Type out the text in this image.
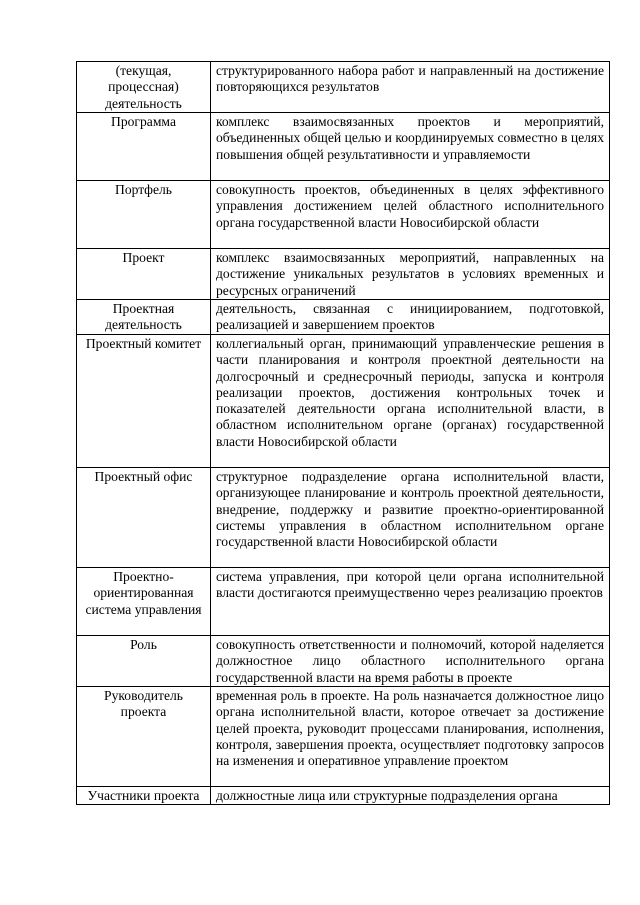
(текущая, процессная) деятельность	структурированного набора работ и направленный на достижение повторяющихся результатов
Программа	комплекс взаимосвязанных проектов и мероприятий, объединенных общей целью и координируемых совместно в целях повышения общей результативности и управляемости
Портфель	совокупность проектов, объединенных в целях эффективного управления достижением целей областного исполнительного органа государственной власти Новосибирской области
Проект	комплекс взаимосвязанных мероприятий, направленных на достижение уникальных результатов в условиях временных и ресурсных ограничений
Проектная деятельность	деятельность, связанная с инициированием, подготовкой, реализацией и завершением проектов
Проектный комитет	коллегиальный орган, принимающий управленческие решения в части планирования и контроля проектной деятельности на долгосрочный и среднесрочный периоды, запуска и контроля реализации проектов, достижения контрольных точек и показателей деятельности органа исполнительной власти, в областном исполнительном органе (органах) государственной власти Новосибирской области
Проектный офис	структурное подразделение органа исполнительной власти, организующее планирование и контроль проектной деятельности, внедрение, поддержку и развитие проектно-ориентированной системы управления в областном исполнительном органе государственной власти Новосибирской области
Проектно-ориентированная система управления	система управления, при которой цели органа исполнительной власти достигаются преимущественно через реализацию проектов
Роль	совокупность ответственности и полномочий, которой наделяется должностное лицо областного исполнительного органа государственной власти на время работы в проекте
Руководитель проекта	временная роль в проекте. На роль назначается должностное лицо органа исполнительной власти, которое отвечает за достижение целей проекта, руководит процессами планирования, исполнения, контроля, завершения проекта, осуществляет подготовку запросов на изменения и оперативное управление проектом
Участники проекта	должностные лица или структурные подразделения органа
